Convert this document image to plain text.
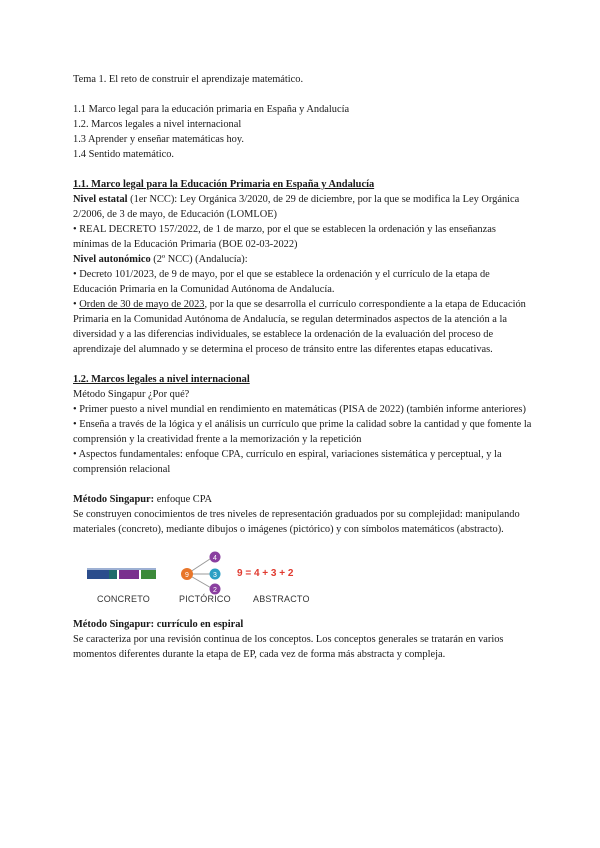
Tema 1. El reto de construir el aprendizaje matemático.
1.1 Marco legal para la educación primaria en España y Andalucía
1.2. Marcos legales a nivel internacional
1.3 Aprender y enseñar matemáticas hoy.
1.4 Sentido matemático.
1.1. Marco legal para la Educación Primaria en España y Andalucía
Nivel estatal (1er NCC): Ley Orgánica 3/2020, de 29 de diciembre, por la que se modifica la Ley Orgánica 2/2006, de 3 de mayo, de Educación (LOMLOE)
• REAL DECRETO 157/2022, de 1 de marzo, por el que se establecen la ordenación y las enseñanzas mínimas de la Educación Primaria (BOE 02-03-2022)
Nivel autonómico (2º NCC) (Andalucía):
• Decreto 101/2023, de 9 de mayo, por el que se establece la ordenación y el currículo de la etapa de Educación Primaria en la Comunidad Autónoma de Andalucía.
• Orden de 30 de mayo de 2023, por la que se desarrolla el currículo correspondiente a la etapa de Educación Primaria en la Comunidad Autónoma de Andalucía, se regulan determinados aspectos de la atención a la diversidad y a las diferencias individuales, se establece la ordenación de la evaluación del proceso de aprendizaje del alumnado y se determina el proceso de tránsito entre las diferentes etapas educativas.
1.2. Marcos legales a nivel internacional
Método Singapur ¿Por qué?
• Primer puesto a nivel mundial en rendimiento en matemáticas (PISA de 2022) (también informe anteriores)
• Enseña a través de la lógica y el análisis un currículo que prime la calidad sobre la cantidad y que fomente la comprensión y la creatividad frente a la memorización y la repetición
• Aspectos fundamentales: enfoque CPA, currículo en espiral, variaciones sistemática y perceptual, y la comprensión relacional
Método Singapur: enfoque CPA
Se construyen conocimientos de tres niveles de representación graduados por su complejidad: manipulando materiales (concreto), mediante dibujos o imágenes (pictórico) y con símbolos matemáticos (abstracto).
9
4
3
2
9 = 4 + 3 + 2
CONCRETO	PICTÓRICO ABSTRACTO
Método Singapur: currículo en espiral
Se caracteriza por una revisión continua de los conceptos. Los conceptos generales se tratarán en varios momentos diferentes durante la etapa de EP, cada vez de forma más abstracta y compleja.
